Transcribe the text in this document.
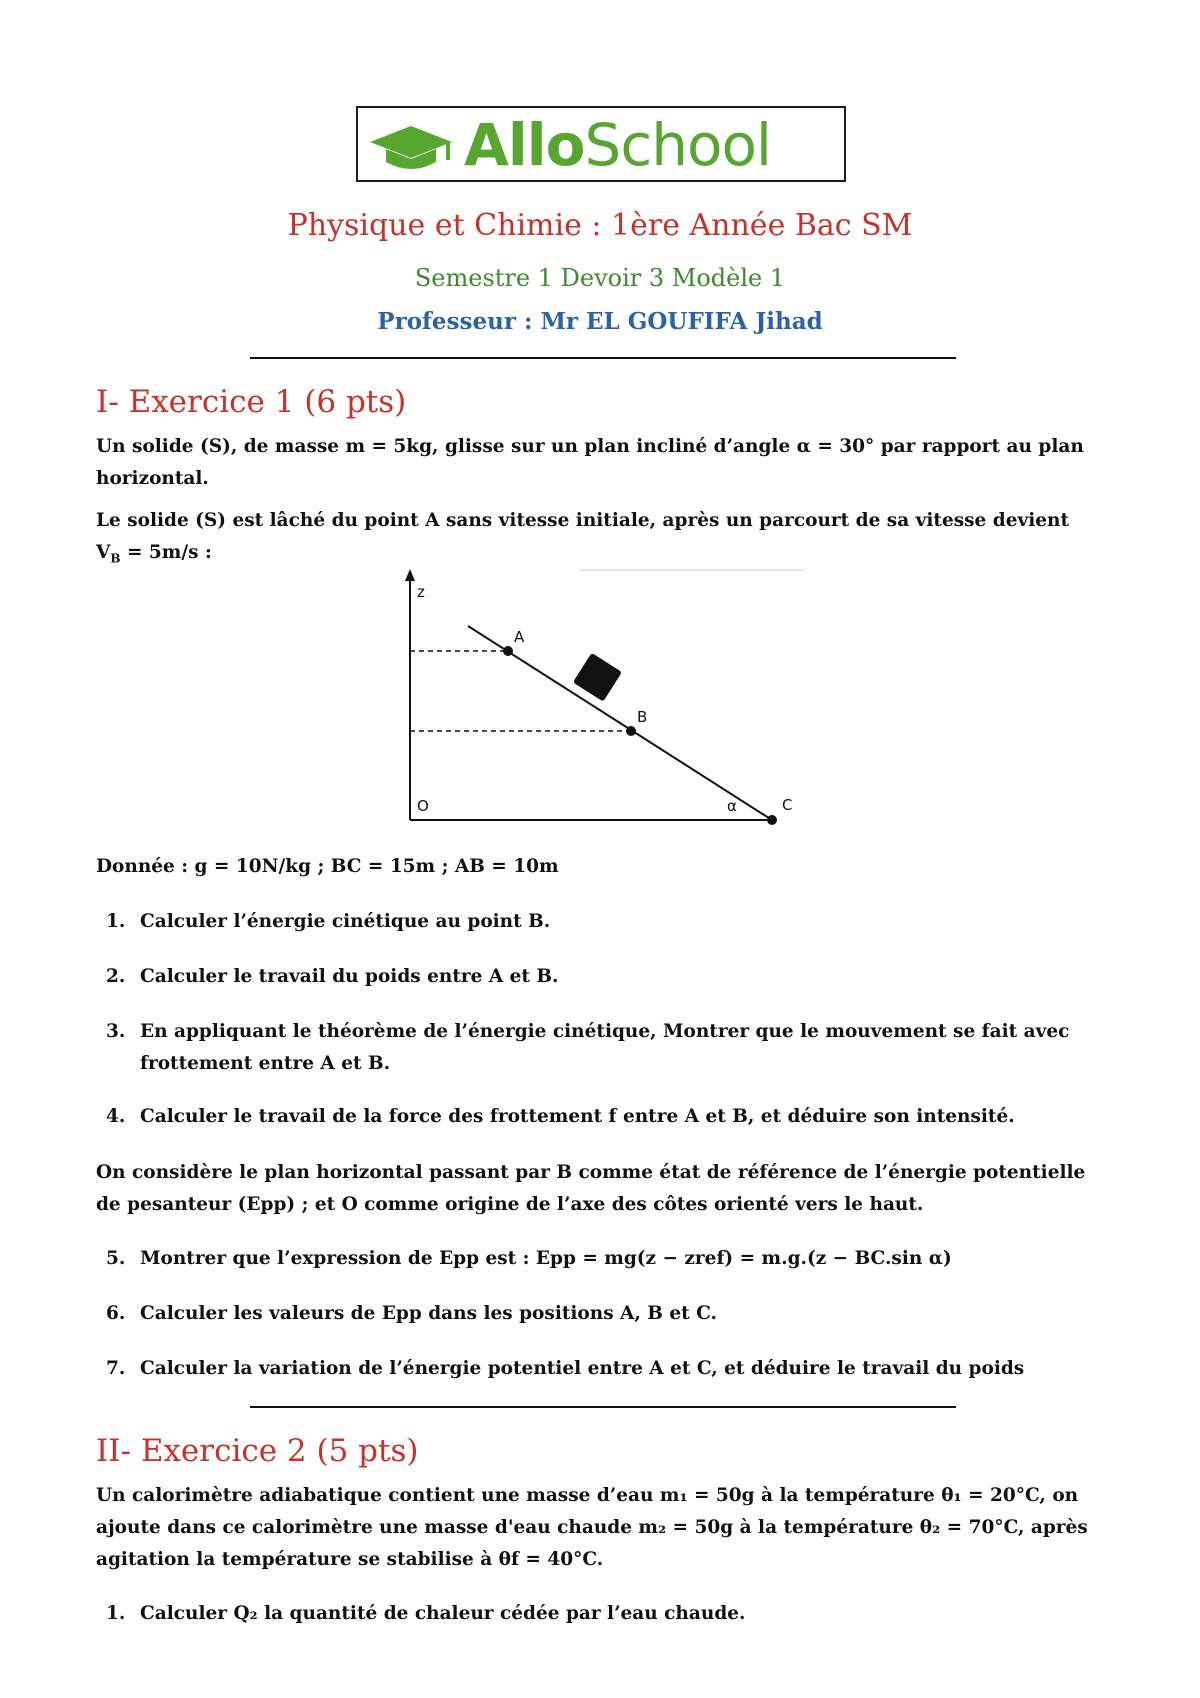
AlloSchool
Physique et Chimie : 1ère Année Bac SM
Semestre 1 Devoir 3 Modèle 1
Professeur : Mr EL GOUFIFA Jihad
I- Exercice 1 (6 pts)
Un solide (S), de masse m = 5kg, glisse sur un plan incliné d’angle α = 30° par rapport au plan horizontal.
Le solide (S) est lâché du point A sans vitesse initiale, après un parcourt de sa vitesse devient $V_B = 5m/s$ :
z
O
A
B
C
α
Donnée : g = 10N/kg ; BC = 15m ; AB = 10m
1. Calculer l’énergie cinétique au point B.
2. Calculer le travail du poids entre A et B.
3. En appliquant le théorème de l’énergie cinétique, Montrer que le mouvement se fait avec frottement entre A et B.
4. Calculer le travail de la force des frottement f entre A et B, et déduire son intensité.
On considère le plan horizontal passant par B comme état de référence de l’énergie potentielle de pesanteur (Epp) ; et O comme origine de l’axe des côtes orienté vers le haut.
5. Montrer que l’expression de Epp est : Epp = mg(z − zref) = m.g.(z − BC.sin α)
6. Calculer les valeurs de Epp dans les positions A, B et C.
7. Calculer la variation de l’énergie potentiel entre A et C, et déduire le travail du poids
II- Exercice 2 (5 pts)
Un calorimètre adiabatique contient une masse d’eau m₁ = 50g à la température θ₁ = 20°C, on ajoute dans ce calorimètre une masse d'eau chaude m₂ = 50g à la température θ₂ = 70°C, après agitation la température se stabilise à θf = 40°C.
1. Calculer Q₂ la quantité de chaleur cédée par l’eau chaude.
